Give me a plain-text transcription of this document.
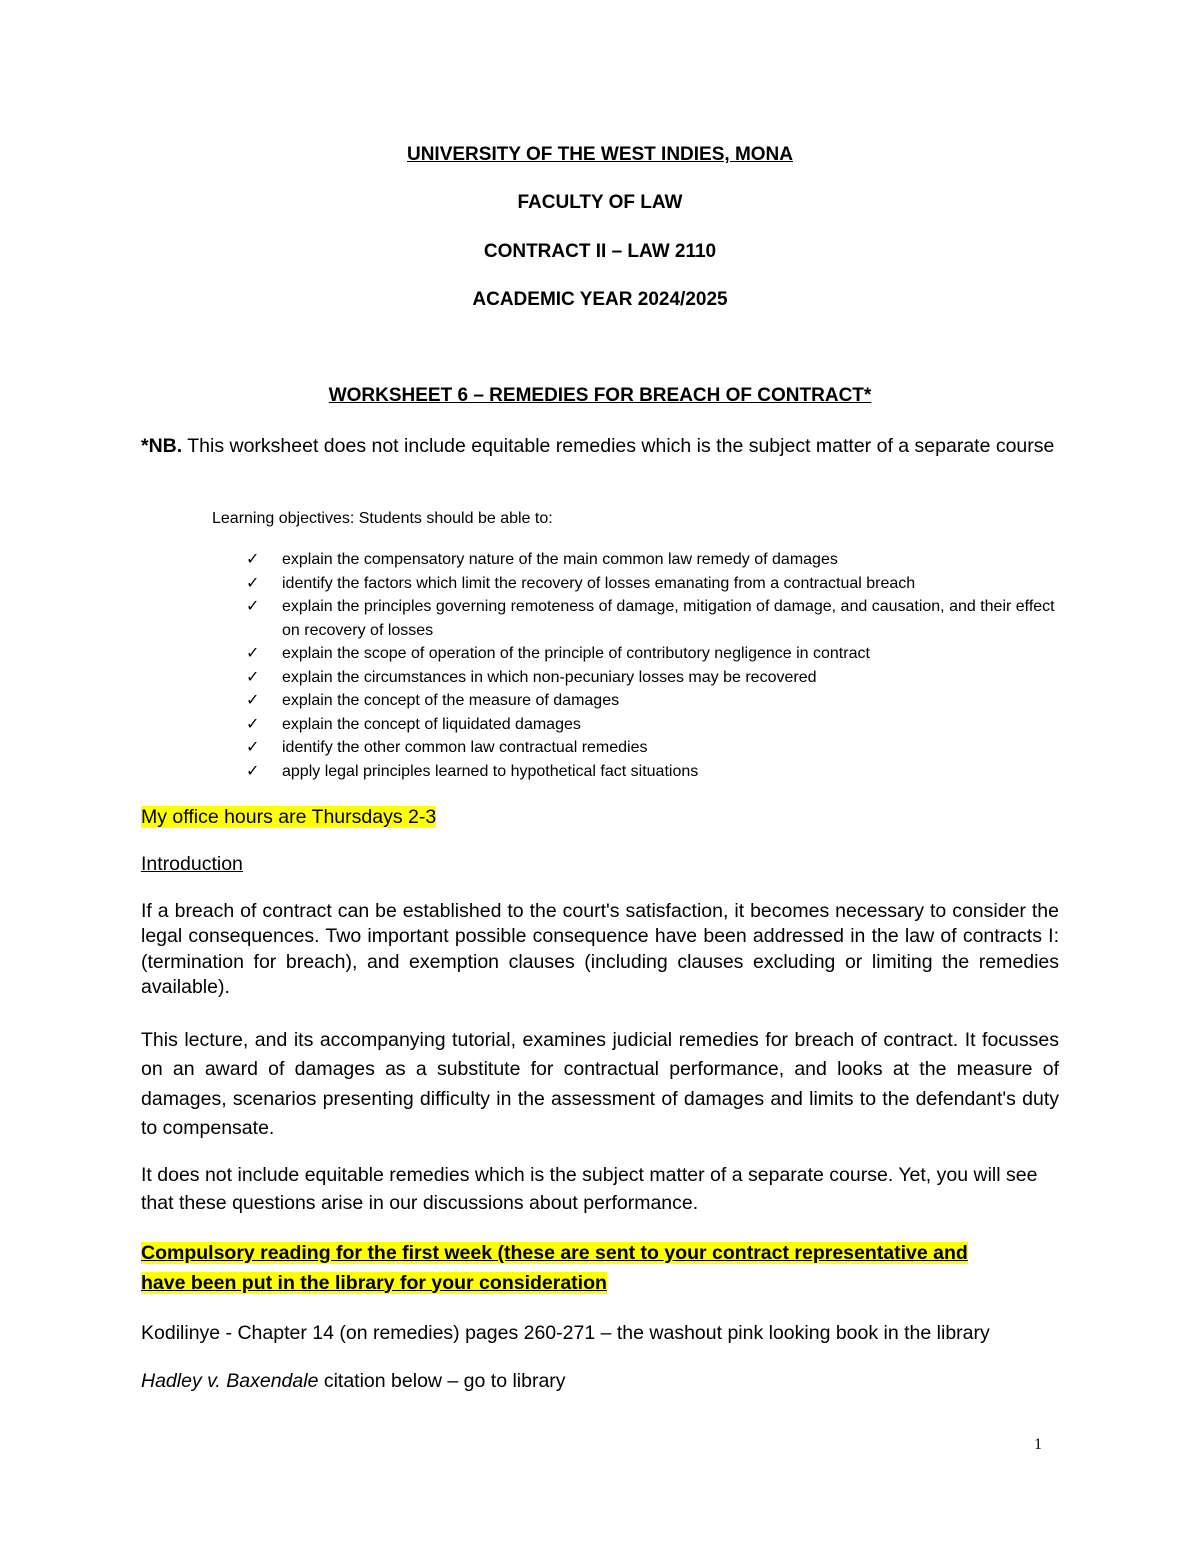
UNIVERSITY OF THE WEST INDIES, MONA
FACULTY OF LAW
CONTRACT II – LAW 2110
ACADEMIC YEAR 2024/2025
WORKSHEET 6 – REMEDIES FOR BREACH OF CONTRACT*
*NB. This worksheet does not include equitable remedies which is the subject matter of a separate course
Learning objectives: Students should be able to:
✓ explain the compensatory nature of the main common law remedy of damages
✓ identify the factors which limit the recovery of losses emanating from a contractual breach
✓ explain the principles governing remoteness of damage, mitigation of damage, and causation, and their effect on recovery of losses
✓ explain the scope of operation of the principle of contributory negligence in contract
✓ explain the circumstances in which non-pecuniary losses may be recovered
✓ explain the concept of the measure of damages
✓ explain the concept of liquidated damages
✓ identify the other common law contractual remedies
✓ apply legal principles learned to hypothetical fact situations
My office hours are Thursdays 2-3
Introduction
If a breach of contract can be established to the court's satisfaction, it becomes necessary to consider the legal consequences. Two important possible consequence have been addressed in the law of contracts I: (termination for breach), and exemption clauses (including clauses excluding or limiting the remedies available).
This lecture, and its accompanying tutorial, examines judicial remedies for breach of contract. It focusses on an award of damages as a substitute for contractual performance, and looks at the measure of damages, scenarios presenting difficulty in the assessment of damages and limits to the defendant's duty to compensate.
It does not include equitable remedies which is the subject matter of a separate course. Yet, you will see that these questions arise in our discussions about performance.
Compulsory reading for the first week (these are sent to your contract representative and
have been put in the library for your consideration
Kodilinye - Chapter 14 (on remedies) pages 260-271 – the washout pink looking book in the library
Hadley v. Baxendale citation below – go to library
1
